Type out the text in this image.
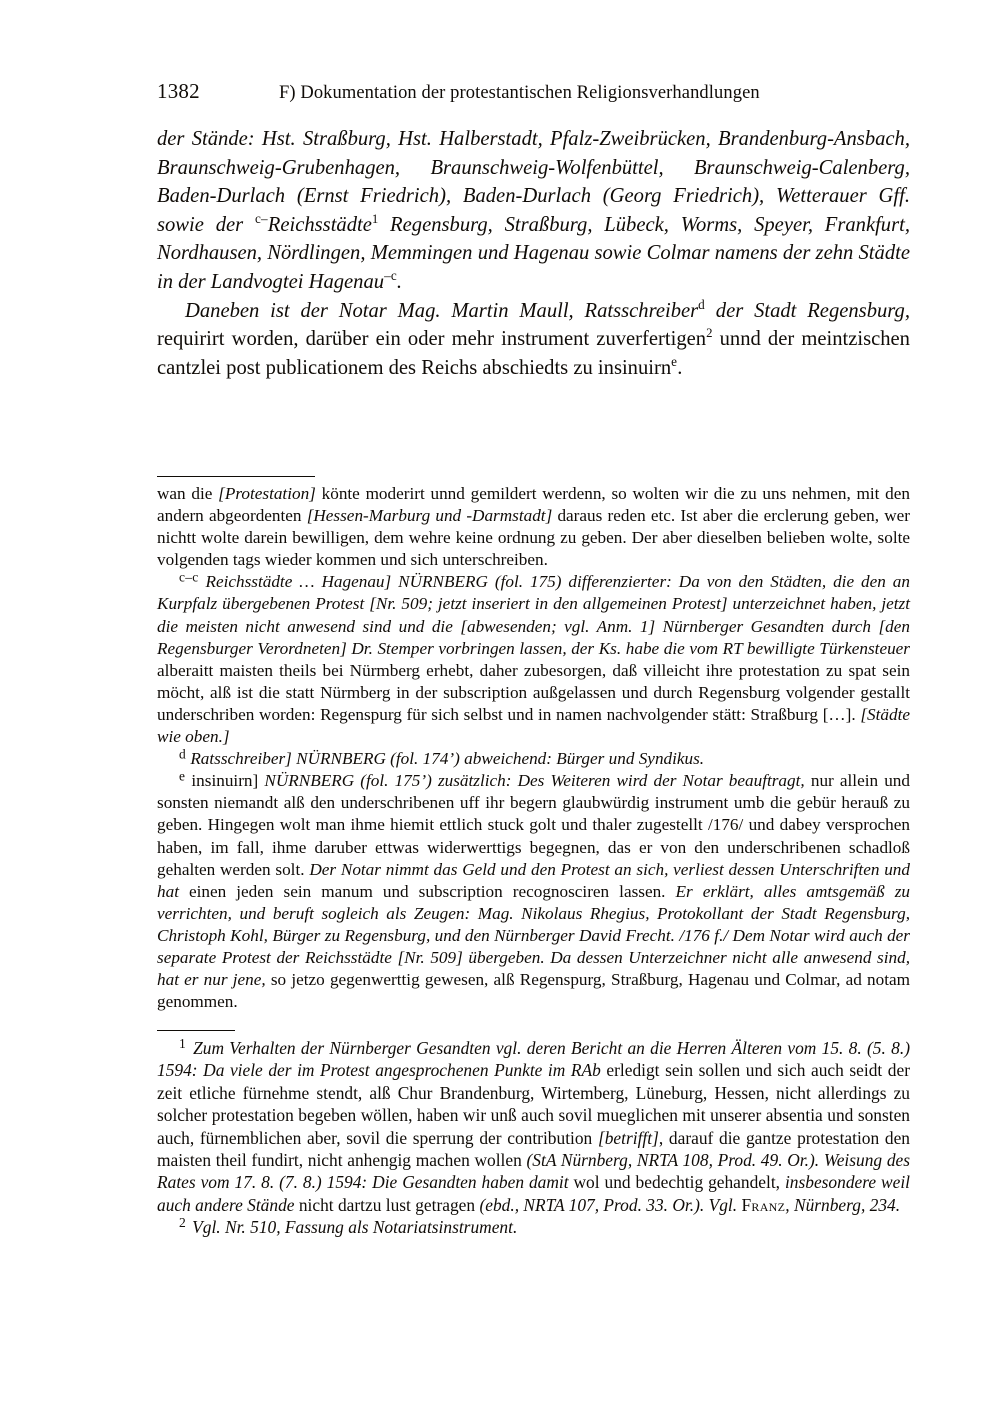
1382	F) Dokumentation der protestantischen Religionsverhandlungen

der Stände: Hst. Straßburg, Hst. Halberstadt, Pfalz-Zweibrücken, Brandenburg-Ansbach, Braunschweig-Grubenhagen, Braunschweig-Wolfenbüttel, Braunschweig-Calenberg, Baden-Durlach (Ernst Friedrich), Baden-Durlach (Georg Friedrich), Wetterauer Gff. sowie der $^{c-}$Reichsstädte$^1$ Regensburg, Straßburg, Lübeck, Worms, Speyer, Frankfurt, Nordhausen, Nördlingen, Memmingen und Hagenau sowie Colmar namens der zehn Städte in der Landvogtei Hagenau$^{-c}$.

Daneben ist der Notar Mag. Martin Maull, Ratsschreiber$^d$ der Stadt Regensburg, requirirt worden, darüber ein oder mehr instrument zuverfertigen$^2$ unnd der meintzischen cantzlei post publicationem des Reichs abschiedts zu insinuirn$^e$.

wan die [Protestation] könte moderirt unnd gemildert werdenn, so wolten wir die zu uns nehmen, mit den andern abgeordenten [Hessen-Marburg und -Darmstadt] daraus reden etc. Ist aber die erclerung geben, wer nichtt wolte darein bewilligen, dem wehre keine ordnung zu geben. Der aber dieselben belieben wolte, solte volgenden tags wieder kommen und sich unterschreiben.

$^{c-c}$ Reichsstädte … Hagenau] NÜRNBERG (fol. 175) differenzierter: Da von den Städten, die den an Kurpfalz übergebenen Protest [Nr. 509; jetzt inseriert in den allgemeinen Protest] unterzeichnet haben, jetzt die meisten nicht anwesend sind und die [abwesenden; vgl. Anm. 1] Nürnberger Gesandten durch [den Regensburger Verordneten] Dr. Stemper vorbringen lassen, der Ks. habe die vom RT bewilligte Türkensteuer alberaitt maisten theils bei Nürmberg erhebt, daher zubesorgen, daß villeicht ihre protestation zu spat sein möcht, alß ist die statt Nürmberg in der subscription außgelassen und durch Regensburg volgender gestallt underschriben worden: Regenspurg für sich selbst und in namen nachvolgender stätt: Straßburg […]. [Städte wie oben.]

$^d$ Ratsschreiber] NÜRNBERG (fol. 174’) abweichend: Bürger und Syndikus.

$^e$ insinuirn] NÜRNBERG (fol. 175’) zusätzlich: Des Weiteren wird der Notar beauftragt, nur allein und sonsten niemandt alß den underschribenen uff ihr begern glaubwürdig instrument umb die gebür herauß zu geben. Hingegen wolt man ihme hiemit ettlich stuck golt und thaler zugestellt /176/ und dabey versprochen haben, im fall, ihme daruber ettwas widerwerttigs begegnen, das er von den underschribenen schadloß gehalten werden solt. Der Notar nimmt das Geld und den Protest an sich, verliest dessen Unterschriften und hat einen jeden sein manum und subscription recognosciren lassen. Er erklärt, alles amtsgemäß zu verrichten, und beruft sogleich als Zeugen: Mag. Nikolaus Rhegius, Protokollant der Stadt Regensburg, Christoph Kohl, Bürger zu Regensburg, und den Nürnberger David Frecht. /176 f./ Dem Notar wird auch der separate Protest der Reichsstädte [Nr. 509] übergeben. Da dessen Unterzeichner nicht alle anwesend sind, hat er nur jene, so jetzo gegenwerttig gewesen, alß Regenspurg, Straßburg, Hagenau und Colmar, ad notam genommen.

$^1$ Zum Verhalten der Nürnberger Gesandten vgl. deren Bericht an die Herren Älteren vom 15. 8. (5. 8.) 1594: Da viele der im Protest angesprochenen Punkte im RAb erledigt sein sollen und sich auch seidt der zeit etliche fürnehme stendt, alß Chur Brandenburg, Wirtemberg, Lüneburg, Hessen, nicht allerdings zu solcher protestation begeben wöllen, haben wir unß auch sovil mueglichen mit unserer absentia und sonsten auch, fürnemblichen aber, sovil die sperrung der contribution [betrifft], darauf die gantze protestation den maisten theil fundirt, nicht anhengig machen wollen (StA Nürnberg, NRTA 108, Prod. 49. Or.). Weisung des Rates vom 17. 8. (7. 8.) 1594: Die Gesandten haben damit wol und bedechtig gehandelt, insbesondere weil auch andere Stände nicht dartzu lust getragen (ebd., NRTA 107, Prod. 33. Or.). Vgl. Franz, Nürnberg, 234.

$^2$ Vgl. Nr. 510, Fassung als Notariatsinstrument.
